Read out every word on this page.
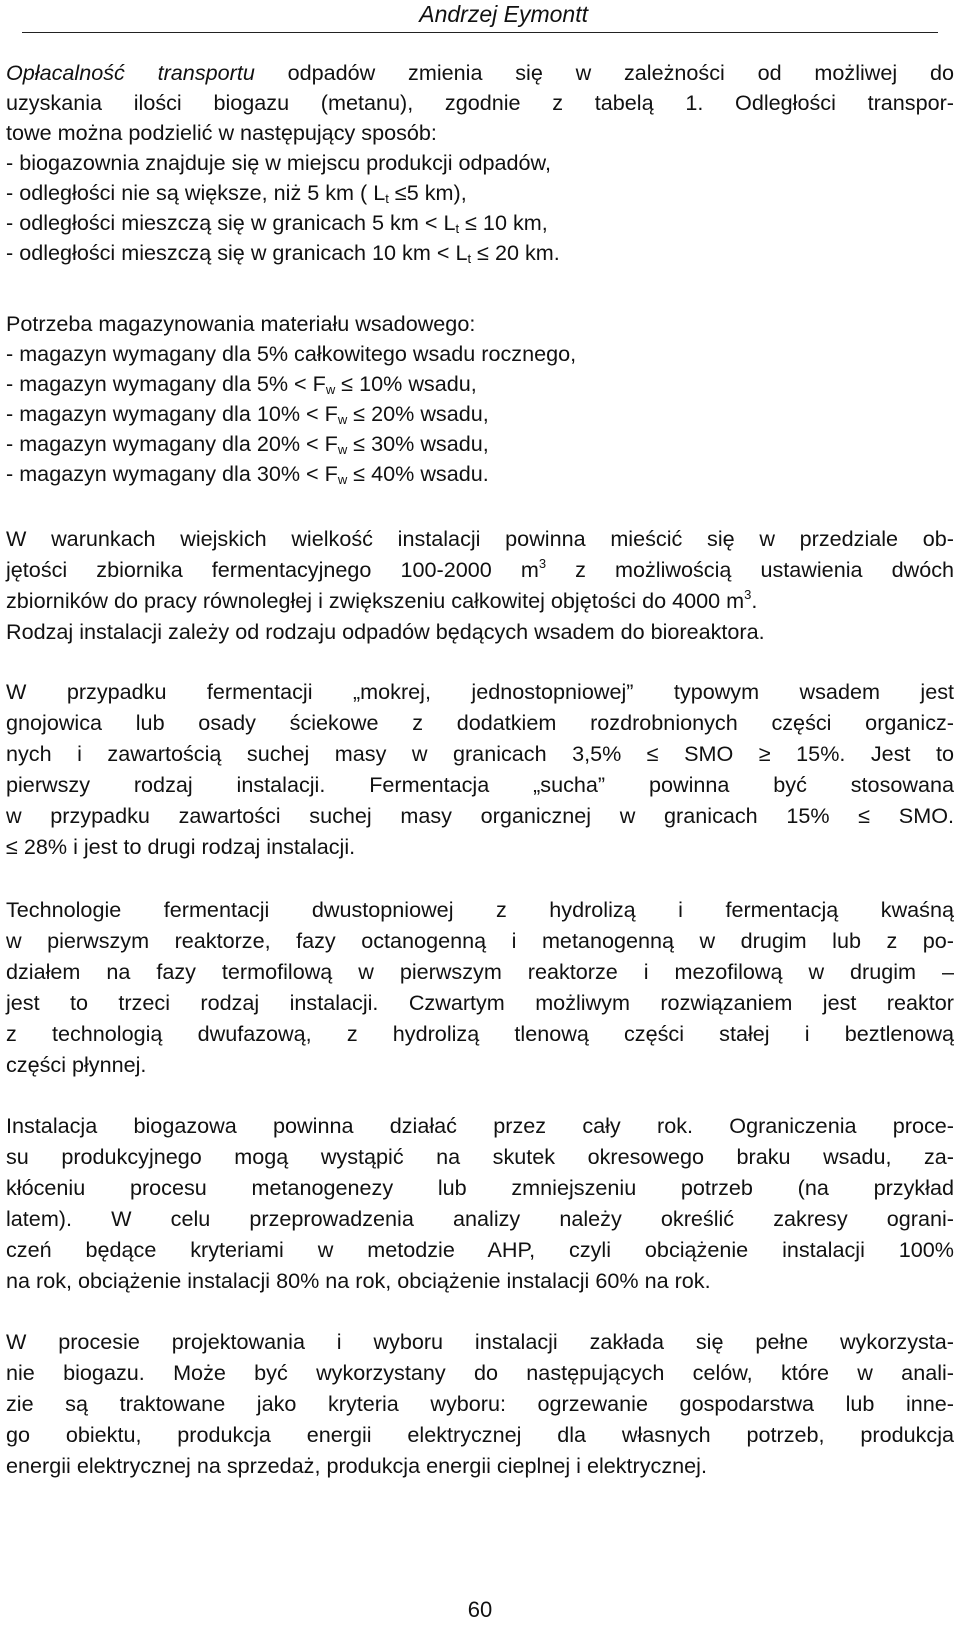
Andrzej Eymontt
Opłacalność transportu odpadów zmienia się w zależności od możliwej do
uzyskania ilości biogazu (metanu), zgodnie z tabelą 1. Odległości transpor-
towe można podzielić w następujący sposób:
- biogazownia znajduje się w miejscu produkcji odpadów,
- odległości nie są większe, niż 5 km ( $L_t \le 5$ km),
- odległości mieszczą się w granicach 5 km < $L_t \le 10$ km,
- odległości mieszczą się w granicach 10 km < $L_t \le 20$ km.
Potrzeba magazynowania materiału wsadowego:
- magazyn wymagany dla 5% całkowitego wsadu rocznego,
- magazyn wymagany dla $5\% < F_w \le 10\%$ wsadu,
- magazyn wymagany dla $10\% < F_w \le 20\%$ wsadu,
- magazyn wymagany dla $20\% < F_w \le 30\%$ wsadu,
- magazyn wymagany dla $30\% < F_w \le 40\%$ wsadu.
W warunkach wiejskich wielkość instalacji powinna mieścić się w przedziale ob-
jętości zbiornika fermentacyjnego 100-2000 $m^3$ z możliwością ustawienia dwóch
zbiorników do pracy równoległej i zwiększeniu całkowitej objętości do 4000 $m^3$.
Rodzaj instalacji zależy od rodzaju odpadów będących wsadem do bioreaktora.
W przypadku fermentacji „mokrej, jednostopniowej” typowym wsadem jest
gnojowica lub osady ściekowe z dodatkiem rozdrobnionych części organicz-
nych i zawartością suchej masy w granicach 3,5% ≤ SMO ≥ 15%. Jest to
pierwszy rodzaj instalacji. Fermentacja „sucha” powinna być stosowana
w przypadku zawartości suchej masy organicznej w granicach 15% ≤ SMO.
≤ 28% i jest to drugi rodzaj instalacji.
Technologie fermentacji dwustopniowej z hydrolizą i fermentacją kwaśną
w pierwszym reaktorze, fazy octanogenną i metanogenną w drugim lub z po-
działem na fazy termofilową w pierwszym reaktorze i mezofilową w drugim –
jest to trzeci rodzaj instalacji. Czwartym możliwym rozwiązaniem jest reaktor
z technologią dwufazową, z hydrolizą tlenową części stałej i beztlenową
części płynnej.
Instalacja biogazowa powinna działać przez cały rok. Ograniczenia proce-
su produkcyjnego mogą wystąpić na skutek okresowego braku wsadu, za-
kłóceniu procesu metanogenezy lub zmniejszeniu potrzeb (na przykład
latem). W celu przeprowadzenia analizy należy określić zakresy ograni-
czeń będące kryteriami w metodzie AHP, czyli obciążenie instalacji 100%
na rok, obciążenie instalacji 80% na rok, obciążenie instalacji 60% na rok.
W procesie projektowania i wyboru instalacji zakłada się pełne wykorzysta-
nie biogazu. Może być wykorzystany do następujących celów, które w anali-
zie są traktowane jako kryteria wyboru: ogrzewanie gospodarstwa lub inne-
go obiektu, produkcja energii elektrycznej dla własnych potrzeb, produkcja
energii elektrycznej na sprzedaż, produkcja energii cieplnej i elektrycznej.
60
